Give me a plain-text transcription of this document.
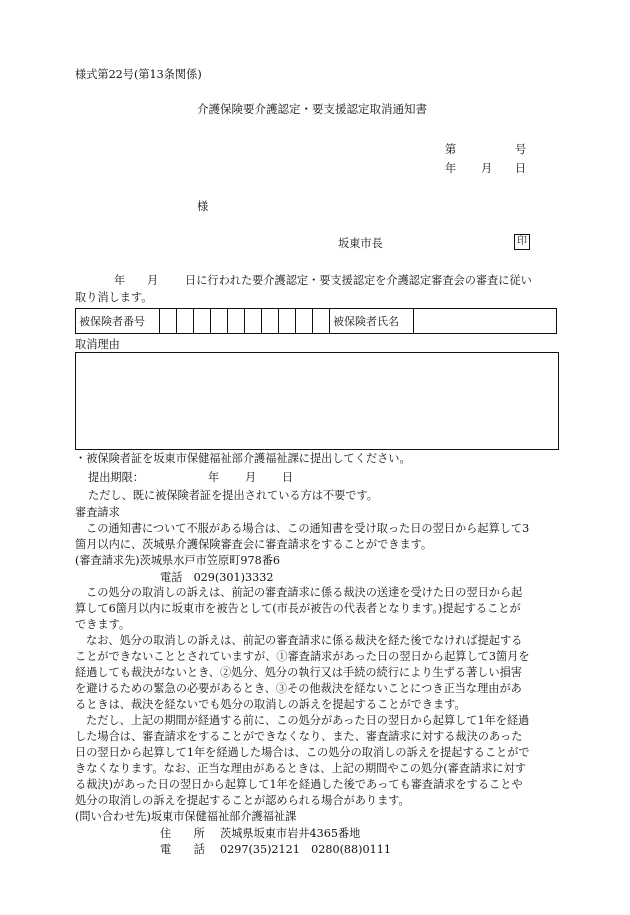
様式第22号(第13条関係)
介護保険要介護認定・要支援認定取消通知書
第	号
年 月 日
様
坂東市長	印
年 月 日に行われた要介護認定・要支援認定を介護認定審査会の審査に従い
取り消します。
被保険者番号											被保険者氏名	
取消理由
・被保険者証を坂東市保健福祉部介護福祉課に提出してください。
提出期限：	年 月 日
ただし、既に被保険者証を提出されている方は不要です。
審査請求
この通知書について不服がある場合は、この通知書を受け取った日の翌日から起算して3
箇月以内に、茨城県介護保険審査会に審査請求をすることができます。
(審査請求先)茨城県水戸市笠原町978番6
電話　029(301)3332
この処分の取消しの訴えは、前記の審査請求に係る裁決の送達を受けた日の翌日から起
算して6箇月以内に坂東市を被告として(市長が被告の代表者となります。)提起することが
できます。
なお、処分の取消しの訴えは、前記の審査請求に係る裁決を経た後でなければ提起する
ことができないこととされていますが、①審査請求があった日の翌日から起算して3箇月を
経過しても裁決がないとき、②処分、処分の執行又は手続の続行により生ずる著しい損害
を避けるための緊急の必要があるとき、③その他裁決を経ないことにつき正当な理由があ
るときは、裁決を経ないでも処分の取消しの訴えを提起することができます。
ただし、上記の期間が経過する前に、この処分があった日の翌日から起算して1年を経過
した場合は、審査請求をすることができなくなり、また、審査請求に対する裁決のあった
日の翌日から起算して1年を経過した場合は、この処分の取消しの訴えを提起することがで
きなくなります。なお、正当な理由があるときは、上記の期間やこの処分(審査請求に対す
る裁決)があった日の翌日から起算して1年を経過した後であっても審査請求をすることや
処分の取消しの訴えを提起することが認められる場合があります。
(問い合わせ先)坂東市保健福祉部介護福祉課
住　　所 茨城県坂東市岩井4365番地
電　　話 0297(35)2121　0280(88)0111
